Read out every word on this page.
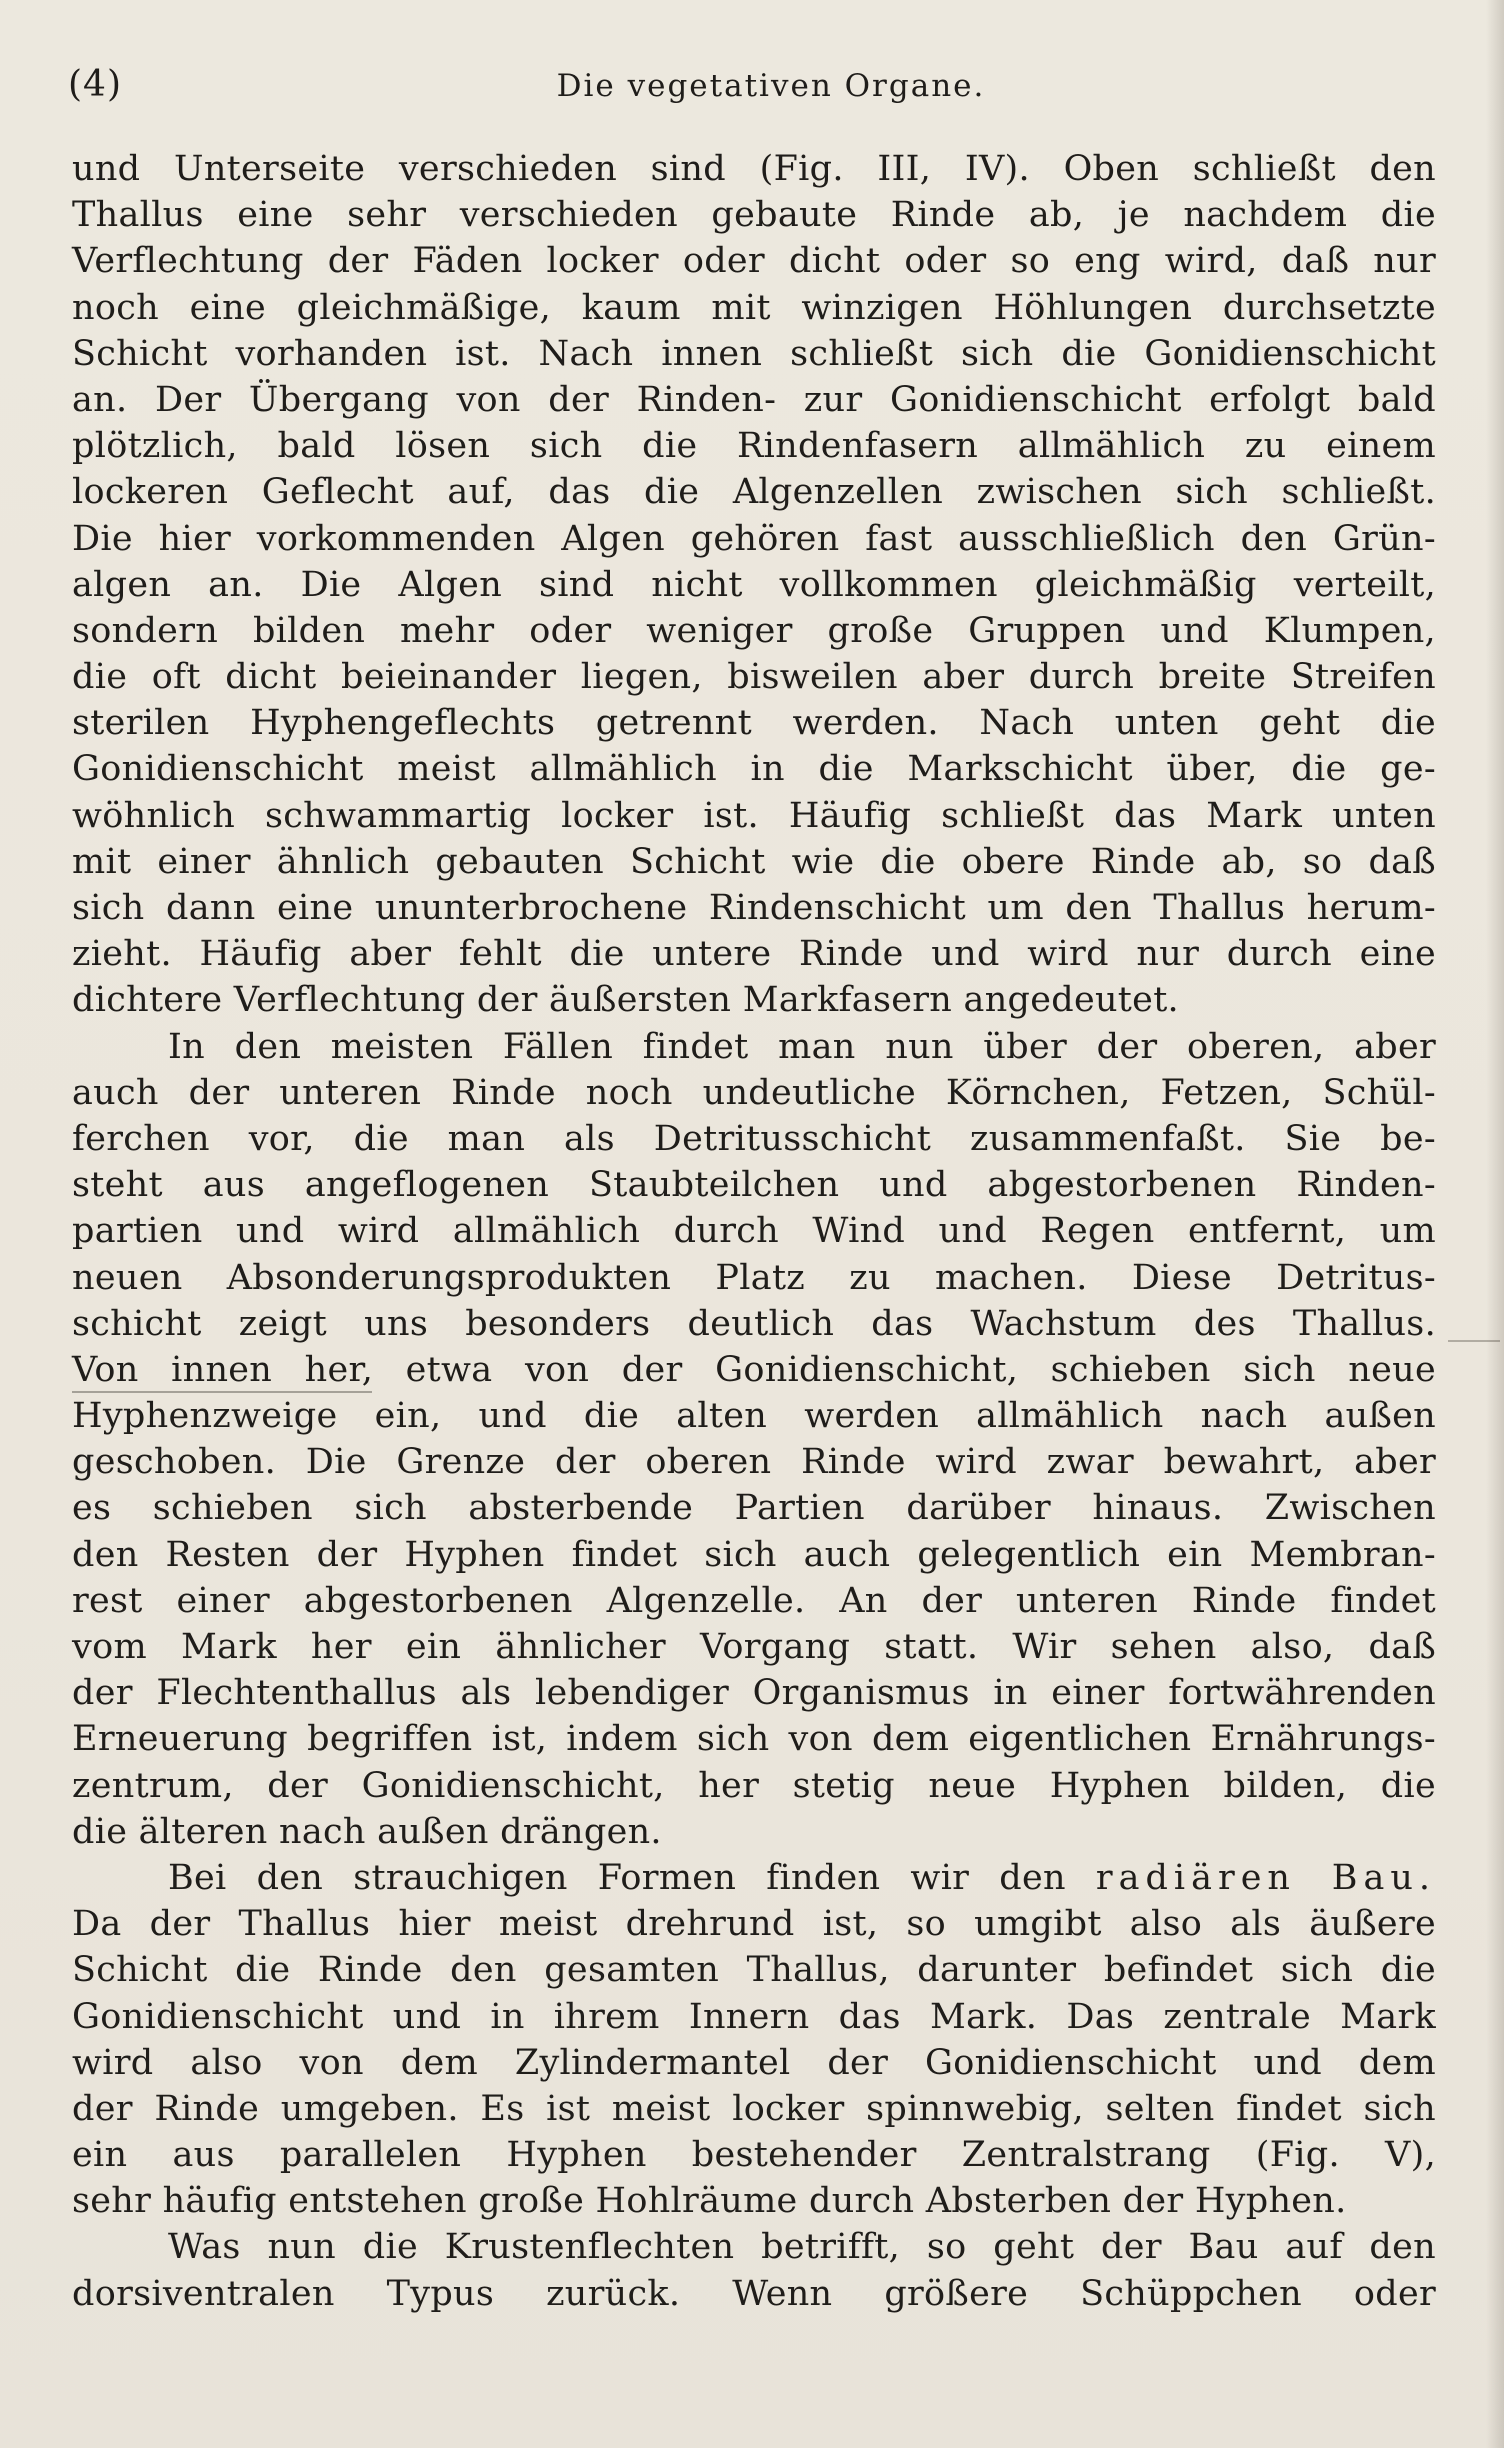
(4)	Die vegetativen Organe.
und Unterseite verschieden sind (Fig. III, IV). Oben schließt den
Thallus eine sehr verschieden gebaute Rinde ab, je nachdem die
Verflechtung der Fäden locker oder dicht oder so eng wird, daß nur
noch eine gleichmäßige, kaum mit winzigen Höhlungen durchsetzte
Schicht vorhanden ist. Nach innen schließt sich die Gonidienschicht
an. Der Übergang von der Rinden- zur Gonidienschicht erfolgt bald
plötzlich, bald lösen sich die Rindenfasern allmählich zu einem
lockeren Geflecht auf, das die Algenzellen zwischen sich schließt.
Die hier vorkommenden Algen gehören fast ausschließlich den Grün-
algen an. Die Algen sind nicht vollkommen gleichmäßig verteilt,
sondern bilden mehr oder weniger große Gruppen und Klumpen,
die oft dicht beieinander liegen, bisweilen aber durch breite Streifen
sterilen Hyphengeflechts getrennt werden. Nach unten geht die
Gonidienschicht meist allmählich in die Markschicht über, die ge-
wöhnlich schwammartig locker ist. Häufig schließt das Mark unten
mit einer ähnlich gebauten Schicht wie die obere Rinde ab, so daß
sich dann eine ununterbrochene Rindenschicht um den Thallus herum-
zieht. Häufig aber fehlt die untere Rinde und wird nur durch eine
dichtere Verflechtung der äußersten Markfasern angedeutet.
In den meisten Fällen findet man nun über der oberen, aber
auch der unteren Rinde noch undeutliche Körnchen, Fetzen, Schül-
ferchen vor, die man als Detritusschicht zusammenfaßt. Sie be-
steht aus angeflogenen Staubteilchen und abgestorbenen Rinden-
partien und wird allmählich durch Wind und Regen entfernt, um
neuen Absonderungsprodukten Platz zu machen. Diese Detritus-
schicht zeigt uns besonders deutlich das Wachstum des Thallus.
Von innen her, etwa von der Gonidienschicht, schieben sich neue
Hyphenzweige ein, und die alten werden allmählich nach außen
geschoben. Die Grenze der oberen Rinde wird zwar bewahrt, aber
es schieben sich absterbende Partien darüber hinaus. Zwischen
den Resten der Hyphen findet sich auch gelegentlich ein Membran-
rest einer abgestorbenen Algenzelle. An der unteren Rinde findet
vom Mark her ein ähnlicher Vorgang statt. Wir sehen also, daß
der Flechtenthallus als lebendiger Organismus in einer fortwährenden
Erneuerung begriffen ist, indem sich von dem eigentlichen Ernährungs-
zentrum, der Gonidienschicht, her stetig neue Hyphen bilden, die
die älteren nach außen drängen.
Bei den strauchigen Formen finden wir den radiären Bau.
Da der Thallus hier meist drehrund ist, so umgibt also als äußere
Schicht die Rinde den gesamten Thallus, darunter befindet sich die
Gonidienschicht und in ihrem Innern das Mark. Das zentrale Mark
wird also von dem Zylindermantel der Gonidienschicht und dem
der Rinde umgeben. Es ist meist locker spinnwebig, selten findet sich
ein aus parallelen Hyphen bestehender Zentralstrang (Fig. V),
sehr häufig entstehen große Hohlräume durch Absterben der Hyphen.
Was nun die Krustenflechten betrifft, so geht der Bau auf den
dorsiventralen Typus zurück. Wenn größere Schüppchen oder
